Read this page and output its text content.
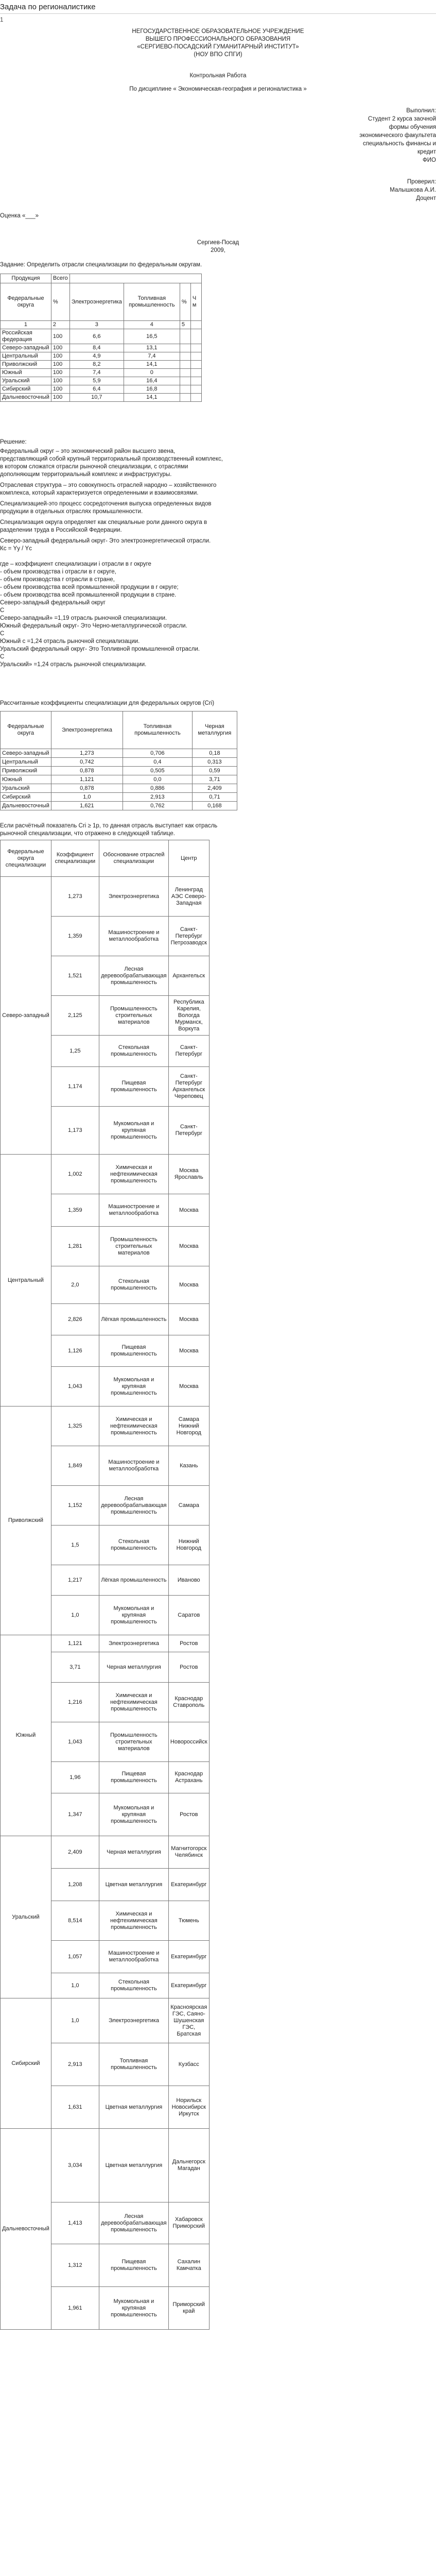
Задача по регионалистике

1

НЕГОСУДАРСТВЕННОЕ ОБРАЗОВАТЕЛЬНОЕ УЧРЕЖДЕНИЕ

ВЫШЕГО ПРОФЕССИОНАЛЬНОГО ОБРАЗОВАНИЯ

«СЕРГИЕВО-ПОСАДСКИЙ ГУМАНИТАРНЫЙ ИНСТИТУТ»

(НОУ ВПО СПГИ)

Контрольная Работа

По дисциплине « Экономическая-география и регионалистика »

Выполнил:

Студент 2 курса заочной

формы обучения

экономического факультета

специальность финансы и

кредит

ФИО

Проверил:

Малышкова А.И.

Доцент

Оценка «___»

Сергиев-Посад

2009,

Задание: Определить отрасли специализации по федеральным округам.

Продукция	Всего				
Федеральные округа	%	Электроэнергетика	Топливная промышленность	%	Ч м
1	2	3	4	5	
Российская федерация	100	6,6	16,5		
Северо-западный	100	8,4	13,1		
Центральный	100	4,9	7,4		
Приволжский	100	8,2	14,1		
Южный	100	7,4	0		
Уральский	100	5,9	16,4		
Сибирский	100	6,4	16,8		
Дальневосточный	100	10,7	14,1		

Решение:

Федеральный округ – это экономический район высшего звена,

представляющий собой крупный территориальный производственный комплекс,

в котором сложатся отрасли рыночной специализации, с отраслями

дополняющим территориальный комплекс и инфраструктуры.

Отраслевая структура – это совокупность отраслей народно – хозяйственного

комплекса, который характеризуется определенными и взаимосвязями.

Специализацией-это процесс сосредоточения выпуска определенных видов

продукции в отдельных отраслях промышленности.

Специализация округа определяет как специальные роли данного округа в

разделении труда в Российской Федерации.

Северо-западный федеральный округ- Это электроэнергетической отрасли.

Кс = Yу / Yс

где – коэффициент специализации i отрасли в r округе

- объем производства i отрасли в r округе,

- объем производства r отрасли в стране,

- объем производства всей промышленной продукции в r округе;

- объем производства всей промышленной продукции в стране.

Северо-западный федеральный округ

С

Северо-западный» =1,19 отрасль рыночной специализации.

Южный федеральный округ- Это Черно-металлургической отрасли.

С

Южный с =1,24 отрасль рыночной специализации.

Уральский федеральный округ- Это Топливной промышленной отрасли.

С

Уральский» =1,24 отрасль рыночной специализации.

Рассчитанные коэффициенты специализации для федеральных округов (Сri)

Федеральные округа	Электроэнергетика	Топливная промышленность	Черная металлургия
Северо-западный	1,273	0,706	0,18
Центральный	0,742	0,4	0,313
Приволжский	0,878	0,505	0,59
Южный	1,121	0,0	3,71
Уральский	0,878	0,886	2,409
Сибирский	1,0	2,913	0,71
Дальневосточный	1,621	0,762	0,168

Если расчётный показатель Сri ≥ 1р, то данная отрасль выступает как отрасль

рыночной специализации, что отражено в следующей таблице.

Федеральные округа специализации	Коэффициент специализации	Обоснование отраслей специализации	Центр
Северо-западный	1,273	Электроэнергетика	Ленинград АЭС Северо-Западная
	1,359	Машиностроение и металлообработка	Санкт-Петербург Петрозаводск
	1,521	Лесная деревообрабатывающая промышленность	Архангельск
	2,125	Промышленность строительных материалов	Республика Карелия, Вологда Мурманск, Воркута
	1,25	Стекольная промышленность	Санкт-Петербург
	1,174	Пищевая промышленность	Санкт-Петербург Архангельск Череповец
	1,173	Мукомольная и крупяная промышленность	Санкт-Петербург
Центральный	1,002	Химическая и нефтехимическая промышленность	Москва Ярославль
	1,359	Машиностроение и металлообработка	Москва
	1,281	Промышленность строительных материалов	Москва
	2,0	Стекольная промышленность	Москва
	2,826	Лёгкая промышленность	Москва
	1,126	Пищевая промышленность	Москва
	1,043	Мукомольная и крупяная промышленность	Москва
Приволжский	1,325	Химическая и нефтехимическая промышленность	Самара Нижний Новгород
	1,849	Машиностроение и металлообработка	Казань
	1,152	Лесная деревообрабатывающая промышленность	Самара
	1,5	Стекольная промышленность	Нижний Новгород
	1,217	Лёгкая промышленность	Иваново
	1,0	Мукомольная и крупяная промышленность	Саратов
Южный	1,121	Электроэнергетика	Ростов
	3,71	Черная металлургия	Ростов
	1,216	Химическая и нефтехимическая промышленность	Краснодар Ставрополь
	1,043	Промышленность строительных материалов	Новороссийск
	1,96	Пищевая промышленность	Краснодар Астрахань
	1,347	Мукомольная и крупяная промышленность	Ростов
Уральский	2,409	Черная металлургия	Магнитогорск Челябинск
	1,208	Цветная металлургия	Екатеринбург
	8,514	Химическая и нефтехимическая промышленность	Тюмень
	1,057	Машиностроение и металлообработка	Екатеринбург
	1,0	Стекольная промышленность	Екатеринбург
Сибирский	1,0	Электроэнергетика	Красноярская ГЭС, Саяно-Шушенская ГЭС, Братская
	2,913	Топливная промышленность	Кузбасс
	1,631	Цветная металлургия	Норильск Новосибирск Иркутск
Дальневосточный	3,034	Цветная металлургия	Дальнегорск Магадан
	1,413	Лесная деревообрабатывающая промышленность	Хабаровск Приморский
	1,312	Пищевая промышленность	Сахалин Камчатка
	1,961	Мукомольная и крупяная промышленность	Приморский край
